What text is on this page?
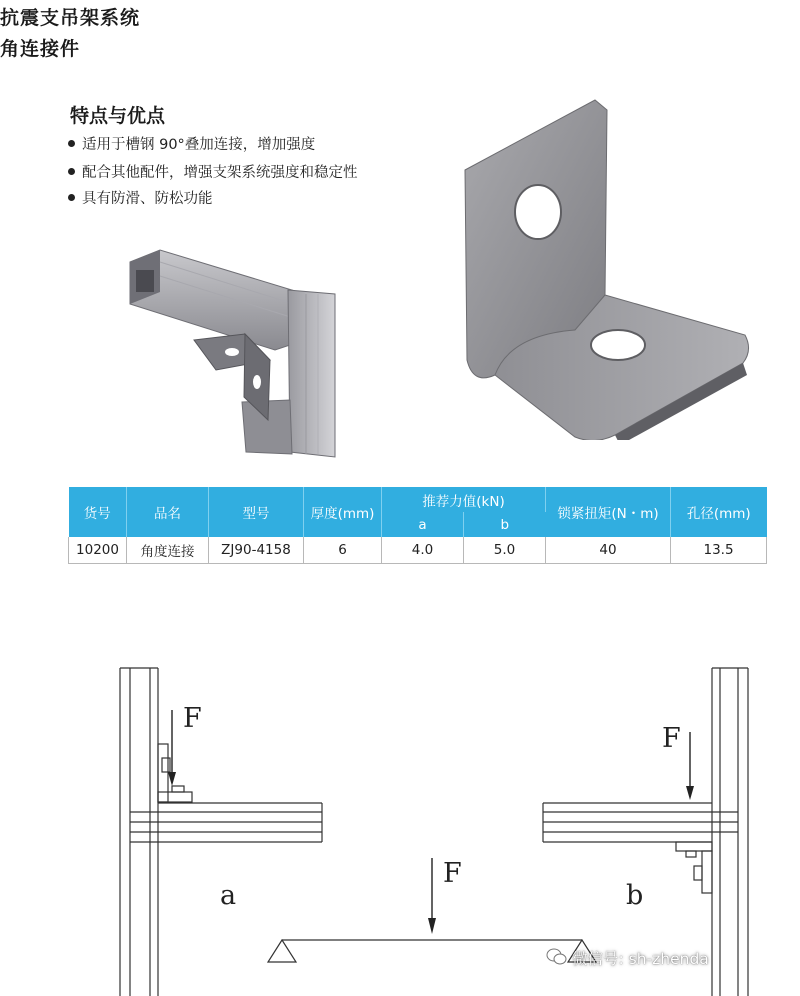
抗震支吊架系统
角连接件
特点与优点
适用于槽钢 90°叠加连接，增加强度
配合其他配件，增强支架系统强度和稳定性
具有防滑、防松功能
货号	品名	型号	厚度(mm)	推荐力值(kN)		锁紧扭矩(N・m)	孔径(mm)
				a	b		
10200	角度连接	ZJ90-4158	6	4.0	5.0	40	13.5
F
F
F
a	b
微信号: sh-zhenda
